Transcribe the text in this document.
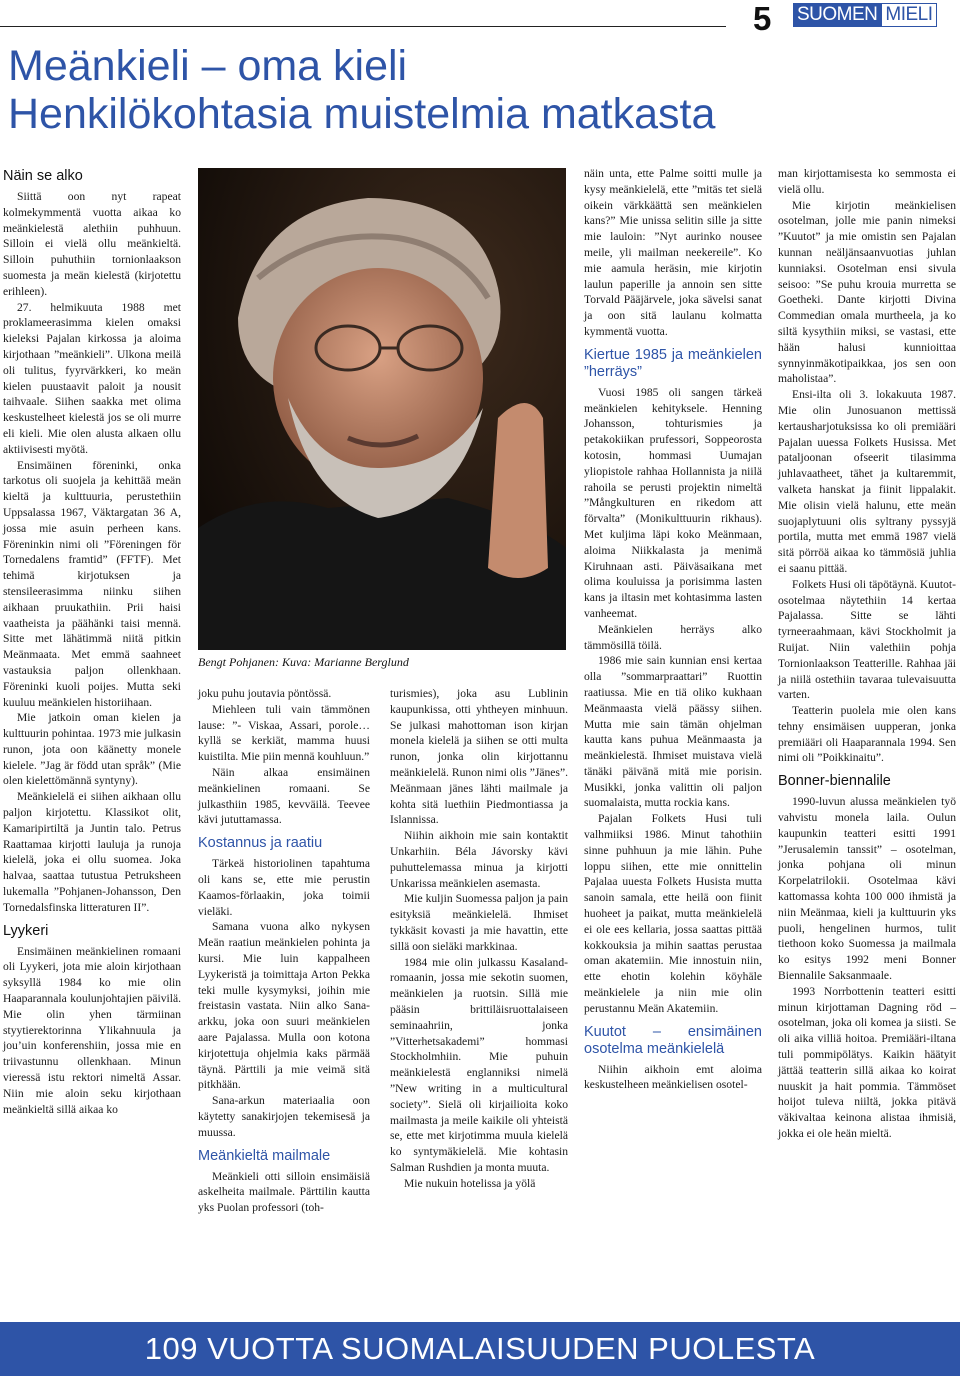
5 SUOMEN MIELI
Meänkieli – oma kieli
Henkilökohtasia muistelmia matkasta
Näin se alko

Siittä oon nyt rapeat kolmekymmentä vuotta aikaa ko meänkielestä alethiin puhhuun. Silloin ei vielä ollu meänkieltä. Silloin puhuthiin tornionlaakson suomesta ja meän kielestä (kirjotettu erihleen).

27. helmikuuta 1988 met proklameerasimma kielen omaksi kieleksi Pajalan kirkossa ja aloima kirjothaan ”meänkieli”. Ulkona meilä oli tulitus, fyyrvärkkeri, ko meän kielen puustaavit paloit ja nousit taihvaale. Siihen saakka met olima keskustelheet kielestä jos se oli murre eli kieli. Mie olen alusta alkaen ollu aktiivisesti myötä.

Ensimäinen föreninki, onka tarkotus oli suojela ja kehittää meän kieltä ja kulttuuria, perustethiin Uppsalassa 1967, Väktargatan 36 A, jossa mie asuin perheen kans. Föreninkin nimi oli ”Föreningen för Tornedalens framtid” (FFTF). Met tehimä kirjotuksen ja stensileerasimma niinku siihen aikhaan pruukathiin. Prii haisi vaatheista ja päähänki taisi mennä. Sitte met lähätimmä niitä pitkin Meänmaata. Met emmä saahneet vastauksia paljon ollenkhaan. Föreninki kuoli poijes. Mutta seki kuuluu meänkielen historiihaan.

Mie jatkoin oman kielen ja kulttuurin pohintaa. 1973 mie julkasin runon, jota oon käänetty monele kielele. ”Jag är född utan språk” (Mie olen kielettömännä syntyny).

Meänkielelä ei siihen aikhaan ollu paljon kirjotettu. Klassikot olit, Kamaripirtiltä ja Juntin talo. Petrus Raattamaa kirjotti lauluja ja runoja kielelä, joka ei ollu suomea. Joka halvaa, saattaa tutustua Petruksheen lukemalla ”Pohjanen-Johansson, Den Tornedalsfinska litteraturen II”.

Lyykeri

Ensimäinen meänkielinen romaani oli Lyykeri, jota mie aloin kirjothaan syksyllä 1984 ko mie olin Haaparannala koulunjohtajien päivilä. Mie olin yhen tärmiinan styytierektorinna Ylikahnuula ja jou’uin konferenshiin, jossa mie en triivastunnu ollenkhaan. Minun vieressä istu rektori nimeltä Assar. Niin mie aloin seku kirjothaan meänkieltä sillä aikaa ko

Bengt Pohjanen: Kuva: Marianne Berglund

joku puhu joutavia pöntössä.

Miehleen tuli vain tämmönen lause: ”- Viskaa, Assari, porole…kyllä se kerkiät, mamma huusi kuistilta. Mie piin mennä kouhluun.”

Näin alkaa ensimäinen meänkielinen romaani. Se julkasthiin 1985, kevväilä. Teevee kävi jututtamassa.

Kostannus ja raatiu

Tärkeä historiolinen tapahtuma oli kans se, ette mie perustin Kaamos-förlaakin, joka toimii vieläki.

Samana vuona alko nykysen Meän raatiun meänkielen pohinta ja kursi. Mie luin kappalheen Lyykeristä ja toimittaja Arton Pekka teki mulle kysymyksi, joihin mie freistasin vastata. Niin alko Sana-arkku, joka oon suuri meänkielen aare Pajalassa. Mulla oon kotona kirjotettuja ohjelmia kaks pärmää täynä. Pärttili ja mie veimä sitä pitkhään.

Sana-arkun materiaalia oon käytetty sanakirjojen tekemisesä ja muussa.

Meänkieltä mailmale

Meänkieli otti silloin ensimäisiä askelheita mailmale. Pärttilin kautta yks Puolan professori (toh-

turismies), joka asu Lublinin kaupunkissa, otti yhtheyen minhuun. Se julkasi mahottoman ison kirjan monela kielelä ja siihen se otti multa runon, jonka olin kirjottannu meänkielelä. Runon nimi olis ”Jänes”. Meänmaan jänes lähti mailmale ja kohta sitä luethiin Piedmontiassa ja Islannissa.

Niihin aikhoin mie sain kontaktit Unkarhiin. Béla Jávorsky kävi puhuttelemassa minua ja kirjotti Unkarissa meänkielen asemasta.

Mie kuljin Suomessa paljon ja pain esityksiä meänkielelä. Ihmiset tykkäsit kovasti ja mie havattin, ette sillä oon sieläki markkinaa.

1984 mie olin julkassu Kasaland-romaanin, jossa mie sekotin suomen, meänkielen ja ruotsin. Sillä mie pääsin brittiläisruottalaiseen seminaahriin, jonka ”Vitterhetsakademi” hommasi Stockholmhiin. Mie puhuin meänkielestä englanniksi nimelä ”New writing in a multicultural society”. Sielä oli kirjailioita koko mailmasta ja meile kaikile oli yhteistä se, ette met kirjotimma muula kielelä ko syntymäkielelä. Mie kohtasin Salman Rushdien ja monta muuta.

Mie nukuin hotelissa ja yölä

näin unta, ette Palme soitti mulle ja kysy meänkielelä, ette ”mitäs tet sielä oikein värkkäättä sen meänkielen kans?” Mie unissa selitin sille ja sitte mie lauloin: ”Nyt aurinko nousee meile, yli mailman neekereile”. Ko mie aamula heräsin, mie kirjotin laulun paperille ja annoin sen sitte Torvald Pääjärvele, joka sävelsi sanat ja oon sitä laulanu kolmatta kymmentä vuotta.

Kiertue 1985 ja meänkielen ”herräys”

Vuosi 1985 oli sangen tärkeä meänkielen kehityksele. Henning Johansson, tohturismies ja petakokiikan prufessori, Soppeorosta kotosin, hommasi Uumajan yliopistole rahhaa Hollannista ja niilä rahoila se perusti projektin nimeltä ”Mångkulturen en rikedom att förvalta” (Monikulttuurin rikhaus). Met kuljima läpi koko Meänmaan, aloima Niikkalasta ja menimä Kiruhnaan asti. Päiväsaikana met olima kouluissa ja porisimma lasten kans ja iltasin met kohtasimma lasten vanheemat.

Meänkielen herräys alko tämmösillä töilä.

1986 mie sain kunnian ensi kertaa olla ”sommarpraattari” Ruottin raatiussa. Mie en tiä oliko kukhaan Meänmaasta vielä päässy siihen. Mutta mie sain tämän ohjelman kautta kans puhua Meänmaasta ja meänkielestä. Ihmiset muistava vielä tänäki päivänä mitä mie porisin. Musikki, jonka valittin oli paljon suomalaista, mutta rockia kans.

Pajalan Folkets Husi tuli valhmiiksi 1986. Minut tahothiin sinne puhhuun ja mie lähin. Puhe loppu siihen, ette mie onnittelin Pajalaa uuesta Folkets Husista mutta sanoin samala, ette heilä oon fiinit huoheet ja paikat, mutta meänkielelä ei ole ees kellaria, jossa saattas pittää kokkouksia ja mihin saattas perustaa oman akatemiin. Mie innostuin niin, ette ehotin kolehin köyhäle meänkielele ja niin mie olin perustannu Meän Akatemiin.

Kuutot – ensimäinen osotelma meänkielelä

Niihin aikhoin emt aloima keskustelheen meänkielisen osotel-

man kirjottamisesta ko semmosta ei vielä ollu.

Mie kirjotin meänkielisen osotelman, jolle mie panin nimeksi ”Kuutot” ja mie omistin sen Pajalan kunnan neäljänsaanvuotias juhlan kunniaksi. Osotelman ensi sivula seisoo: ”Se puhu krouia murretta se Goetheki. Dante kirjotti Divina Commedian omala murtheela, ja ko siltä kysythiin miksi, se vastasi, ette hään halusi kunnioittaa synnyinmäkotipaikkaa, jos sen oon maholistaa”.

Ensi-ilta oli 3. lokakuuta 1987. Mie olin Junosuanon mettissä kertausharjotuksissa ko oli premiääri Pajalan uuessa Folkets Husissa. Met pataljoonan ofseerit tilasimma juhlavaatheet, tähet ja kultaremmit, valketa hanskat ja fiinit lippalakit. Mie olisin vielä halunu, ette meän suojaplytuuni olis syltrany pyssyjä portila, mutta met emmä 1987 vielä sitä pörröä aikaa ko tämmösiä juhlia ei saanu pittää.

Folkets Husi oli täpötäynä. Kuutot-osotelmaa näytethiin 14 kertaa Pajalassa. Sitte se lähti tyrneeraahmaan, kävi Stockholmit ja Ruijat. Niin valethiin pohja Tornionlaakson Teatterille. Rahhaa jäi ja niilä ostethiin tavaraa tulevaisuutta varten.

Teatterin puolela mie olen kans tehny ensimäisen uupperan, jonka premiääri oli Haaparannala 1994. Sen nimi oli ”Poikkinaitu”.

Bonner-biennalile

1990-luvun alussa meänkielen työ vahvistu monela laila. Oulun kaupunkin teatteri esitti 1991 ”Jerusalemin tanssit” – osotelman, jonka pohjana oli minun Korpelatrilokii. Osotelmaa kävi kattomassa kohta 100 000 ihmistä ja niin Meänmaa, kieli ja kulttuurin yks puoli, hengelinen hurmos, tulit tiethoon koko Suomessa ja mailmala ko esitys 1992 meni Bonner Biennalile Saksanmaale.

1993 Norrbottenin teatteri esitti minun kirjottaman Dagning röd – osotelman, joka oli komea ja siisti. Se oli aika villiä hoitoa. Premiääri-iltana tuli pommipölätys. Kaikin häätyit jättää teatterin sillä aikaa ko koirat nuuskit ja hait pommia. Tämmöset hoijot tuleva niiltä, jokka pitävä väkivaltaa keinona alistaa ihmisiä, jokka ei ole heän mieltä.

109 VUOTTA SUOMALAISUUDEN PUOLESTA
